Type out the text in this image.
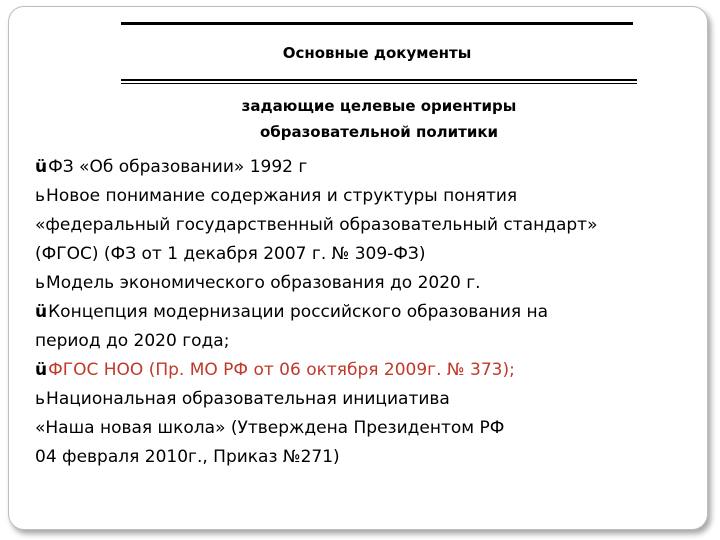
Основные документы
задающие целевые ориентиры
образовательной политики
üФЗ «Об образовании» 1992 г
ьНовое понимание содержания и структуры понятия
«федеральный государственный образовательный стандарт»
(ФГОС) (ФЗ от 1 декабря 2007 г. № 309-ФЗ)
ьМодель экономического образования до 2020 г.
üКонцепция модернизации российского образования на
период до 2020 года;
üФГОС НОО (Пр. МО РФ от 06 октября 2009г. № 373);
ьНациональная образовательная инициатива
«Наша новая школа» (Утверждена Президентом РФ
04 февраля 2010г., Приказ №271)
